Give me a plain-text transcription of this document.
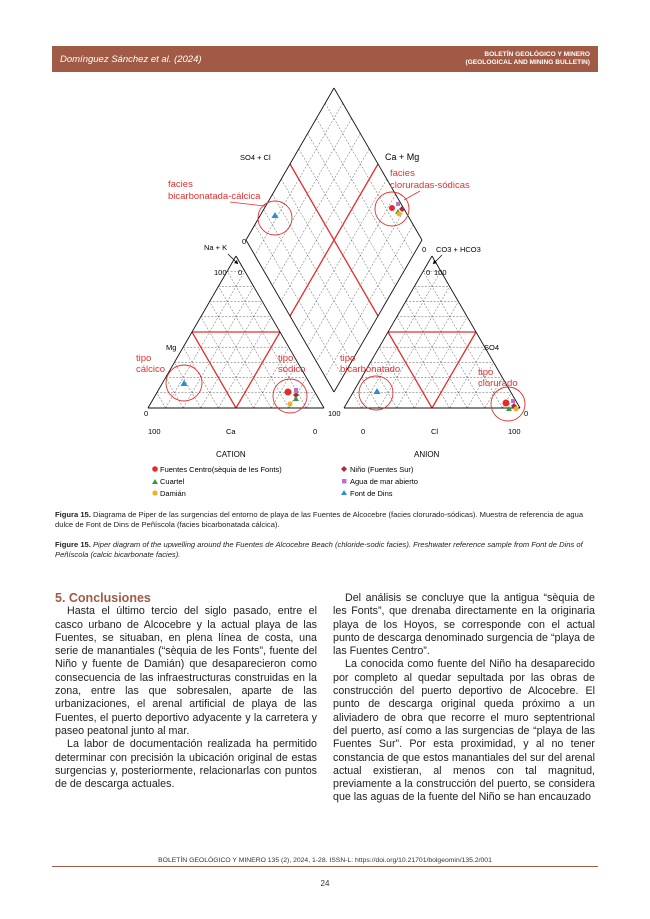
Domínguez Sánchez et al. (2024)	BOLETÍN GEOLÓGICO Y MINERO
(GEOLOGICAL AND MINING BULLETIN)
SO4 + Cl	Ca + Mg
Na + K
0
0 CO3 + HCO3
100 0	0 100
Mg	SO4
0	100	0
100	Ca	0	0	Cl	100
CATION	ANION
facies
bicarbonatada-cálcica
facies
cloruradas-sódicas
tipo
cálcico
tipo
sódico
tipo
bicarbonatado	tipo
clorurado
Fuentes Centro(sèquia de les Fonts)	Niño (Fuentes Sur)
Cuartel	Agua de mar abierto
Damián	Font de Dins
Figura 15. Diagrama de Piper de las surgencias del entorno de playa de las Fuentes de Alcocebre (facies clorurado-sódicas). Muestra de referencia de agua dulce de Font de Dins de Peñíscola (facies bicarbonatada cálcica).
Figure 15. Piper diagram of the upwelling around the Fuentes de Alcocebre Beach (chloride-sodic facies). Freshwater reference sample from Font de Dins of Peñíscola (calcic bicarbonate facies).

5. Conclusiones

Hasta el último tercio del siglo pasado, entre el casco urbano de Alcocebre y la actual playa de las Fuentes, se situaban, en plena línea de costa, una serie de manantiales (“sèquia de les Fonts”, fuente del Niño y fuente de Damián) que desaparecieron como consecuencia de las infraestructuras construidas en la zona, entre las que sobresalen, aparte de las urbanizaciones, el arenal artificial de playa de las Fuentes, el puerto deportivo adyacente y la carretera y paseo peatonal junto al mar.

La labor de documentación realizada ha permitido determinar con precisión la ubicación original de estas surgencias y, posteriormente, relacionarlas con puntos de de descarga actuales.

Del análisis se concluye que la antigua “sèquia de les Fonts”, que drenaba directamente en la originaria playa de los Hoyos, se corresponde con el actual punto de descarga denominado surgencia de “playa de las Fuentes Centro”.

La conocida como fuente del Niño ha desaparecido por completo al quedar sepultada por las obras de construcción del puerto deportivo de Alcocebre. El punto de descarga original queda próximo a un aliviadero de obra que recorre el muro septentrional del puerto, así como a las surgencias de “playa de las Fuentes Sur”. Por esta proximidad, y al no tener constancia de que estos manantiales del sur del arenal actual existieran, al menos con tal magnitud, previamente a la construcción del puerto, se considera que las aguas de la fuente del Niño se han encauzado

BOLETÍN GEOLÓGICO Y MINERO 135 (2), 2024, 1-28. ISSN-L: https://doi.org/10.21701/bolgeomin/135.2/001
24
